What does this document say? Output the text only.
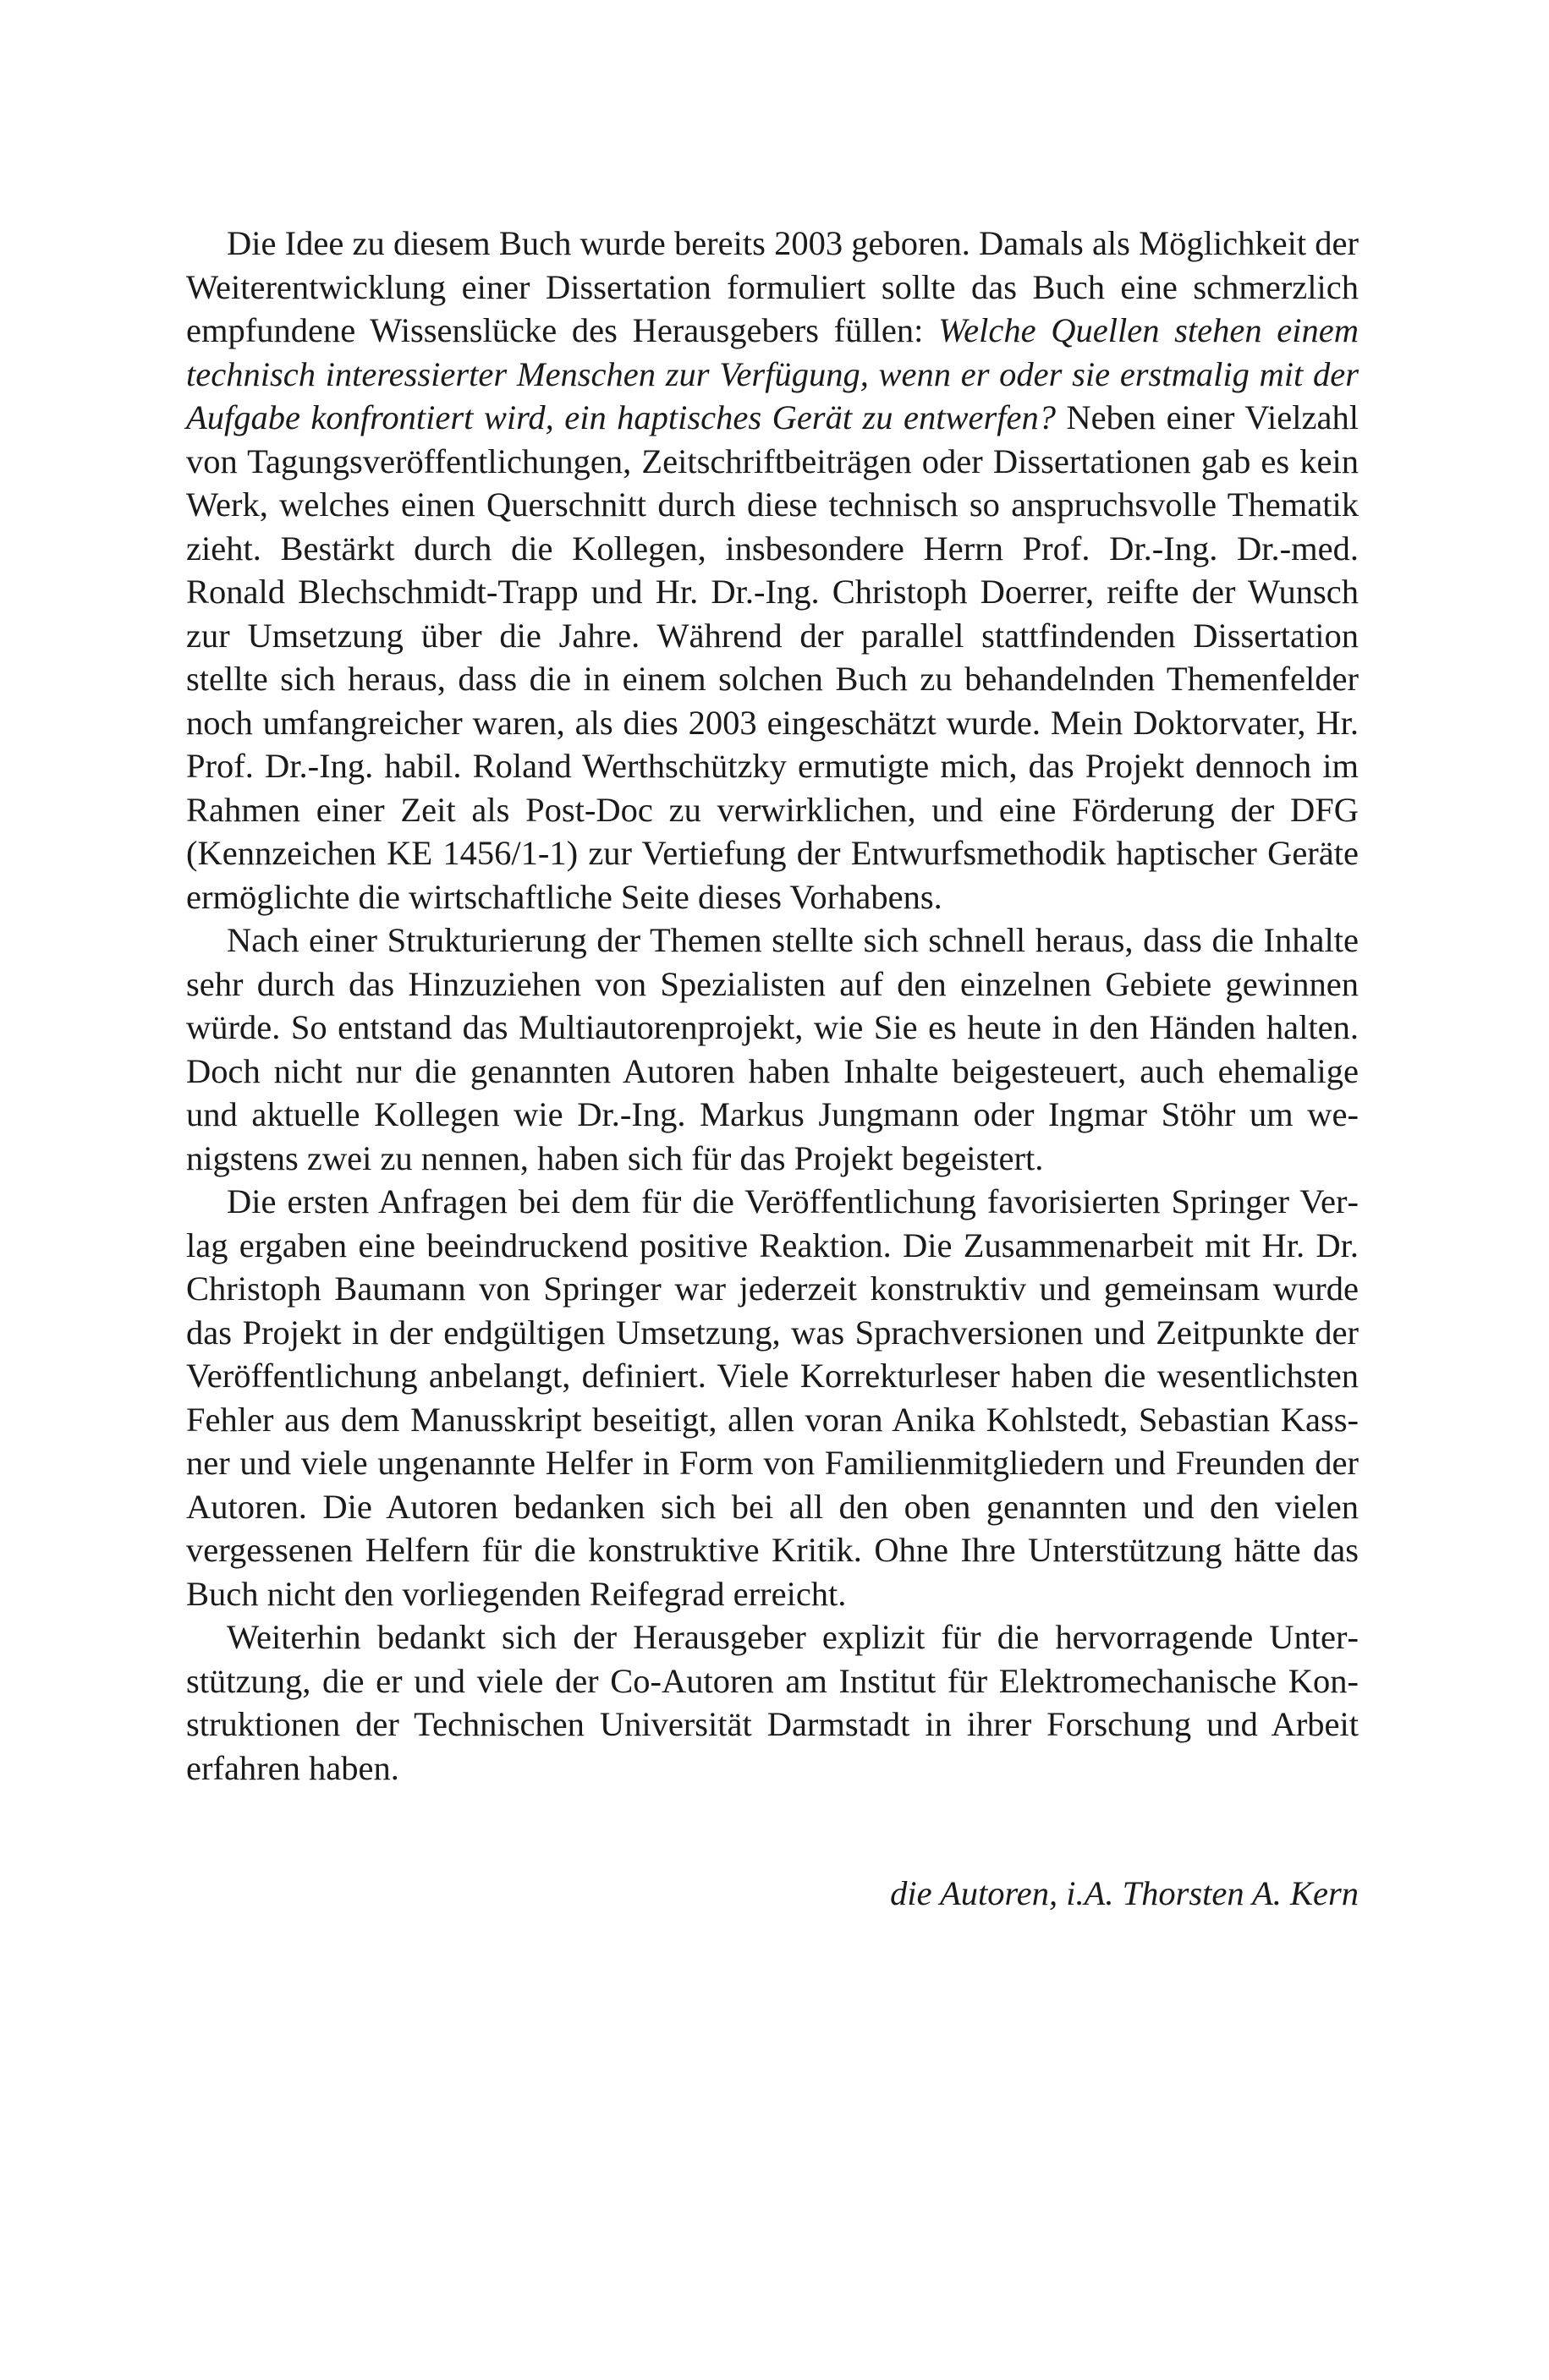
Die Idee zu diesem Buch wurde bereits 2003 geboren. Damals als Möglichkeit der Weiterentwicklung einer Dissertation formuliert sollte das Buch eine schmerzlich empfundene Wissenslücke des Herausgebers füllen: Welche Quellen stehen einem technisch interessierter Menschen zur Verfügung, wenn er oder sie erstmalig mit der Aufgabe konfrontiert wird, ein haptisches Gerät zu entwerfen? Neben einer Vielzahl von Tagungsveröffentlichungen, Zeitschriftbeiträgen oder Dissertationen gab es kein Werk, welches einen Querschnitt durch diese technisch so anspruchsvolle Thematik zieht. Bestärkt durch die Kollegen, insbesondere Herrn Prof. Dr.-Ing. Dr.-med. Ronald Blechschmidt-Trapp und Hr. Dr.-Ing. Christoph Doerrer, reifte der Wunsch zur Umsetzung über die Jahre. Während der parallel stattfindenden Dissertation stellte sich heraus, dass die in einem solchen Buch zu behandelnden Themenfelder noch umfangreicher waren, als dies 2003 eingeschätzt wurde. Mein Doktorvater, Hr. Prof. Dr.-Ing. habil. Roland Werthschützky ermutigte mich, das Projekt dennoch im Rahmen einer Zeit als Post-Doc zu verwirklichen, und eine Förderung der DFG (Kennzeichen KE 1456/1-1) zur Vertiefung der Entwurfsmethodik haptischer Geräte ermöglichte die wirtschaftliche Seite dieses Vorhabens.

Nach einer Strukturierung der Themen stellte sich schnell heraus, dass die Inhalte sehr durch das Hinzuziehen von Spezialisten auf den einzelnen Gebiete gewinnen würde. So entstand das Multiautorenprojekt, wie Sie es heute in den Händen halten. Doch nicht nur die genannten Autoren haben Inhalte beigesteuert, auch ehemalige und aktuelle Kollegen wie Dr.-Ing. Markus Jungmann oder Ingmar Stöhr um wenigstens zwei zu nennen, haben sich für das Projekt begeistert.

Die ersten Anfragen bei dem für die Veröffentlichung favorisierten Springer Verlag ergaben eine beeindruckend positive Reaktion. Die Zusammenarbeit mit Hr. Dr. Christoph Baumann von Springer war jederzeit konstruktiv und gemeinsam wurde das Projekt in der endgültigen Umsetzung, was Sprachversionen und Zeitpunkte der Veröffentlichung anbelangt, definiert. Viele Korrekturleser haben die wesentlichsten Fehler aus dem Manusskript beseitigt, allen voran Anika Kohlstedt, Sebastian Kassner und viele ungenannte Helfer in Form von Familienmitgliedern und Freunden der Autoren. Die Autoren bedanken sich bei all den oben genannten und den vielen vergessenen Helfern für die konstruktive Kritik. Ohne Ihre Unterstützung hätte das Buch nicht den vorliegenden Reifegrad erreicht.

Weiterhin bedankt sich der Herausgeber explizit für die hervorragende Unterstützung, die er und viele der Co-Autoren am Institut für Elektromechanische Konstruktionen der Technischen Universität Darmstadt in ihrer Forschung und Arbeit erfahren haben.

die Autoren, i.A. Thorsten A. Kern
